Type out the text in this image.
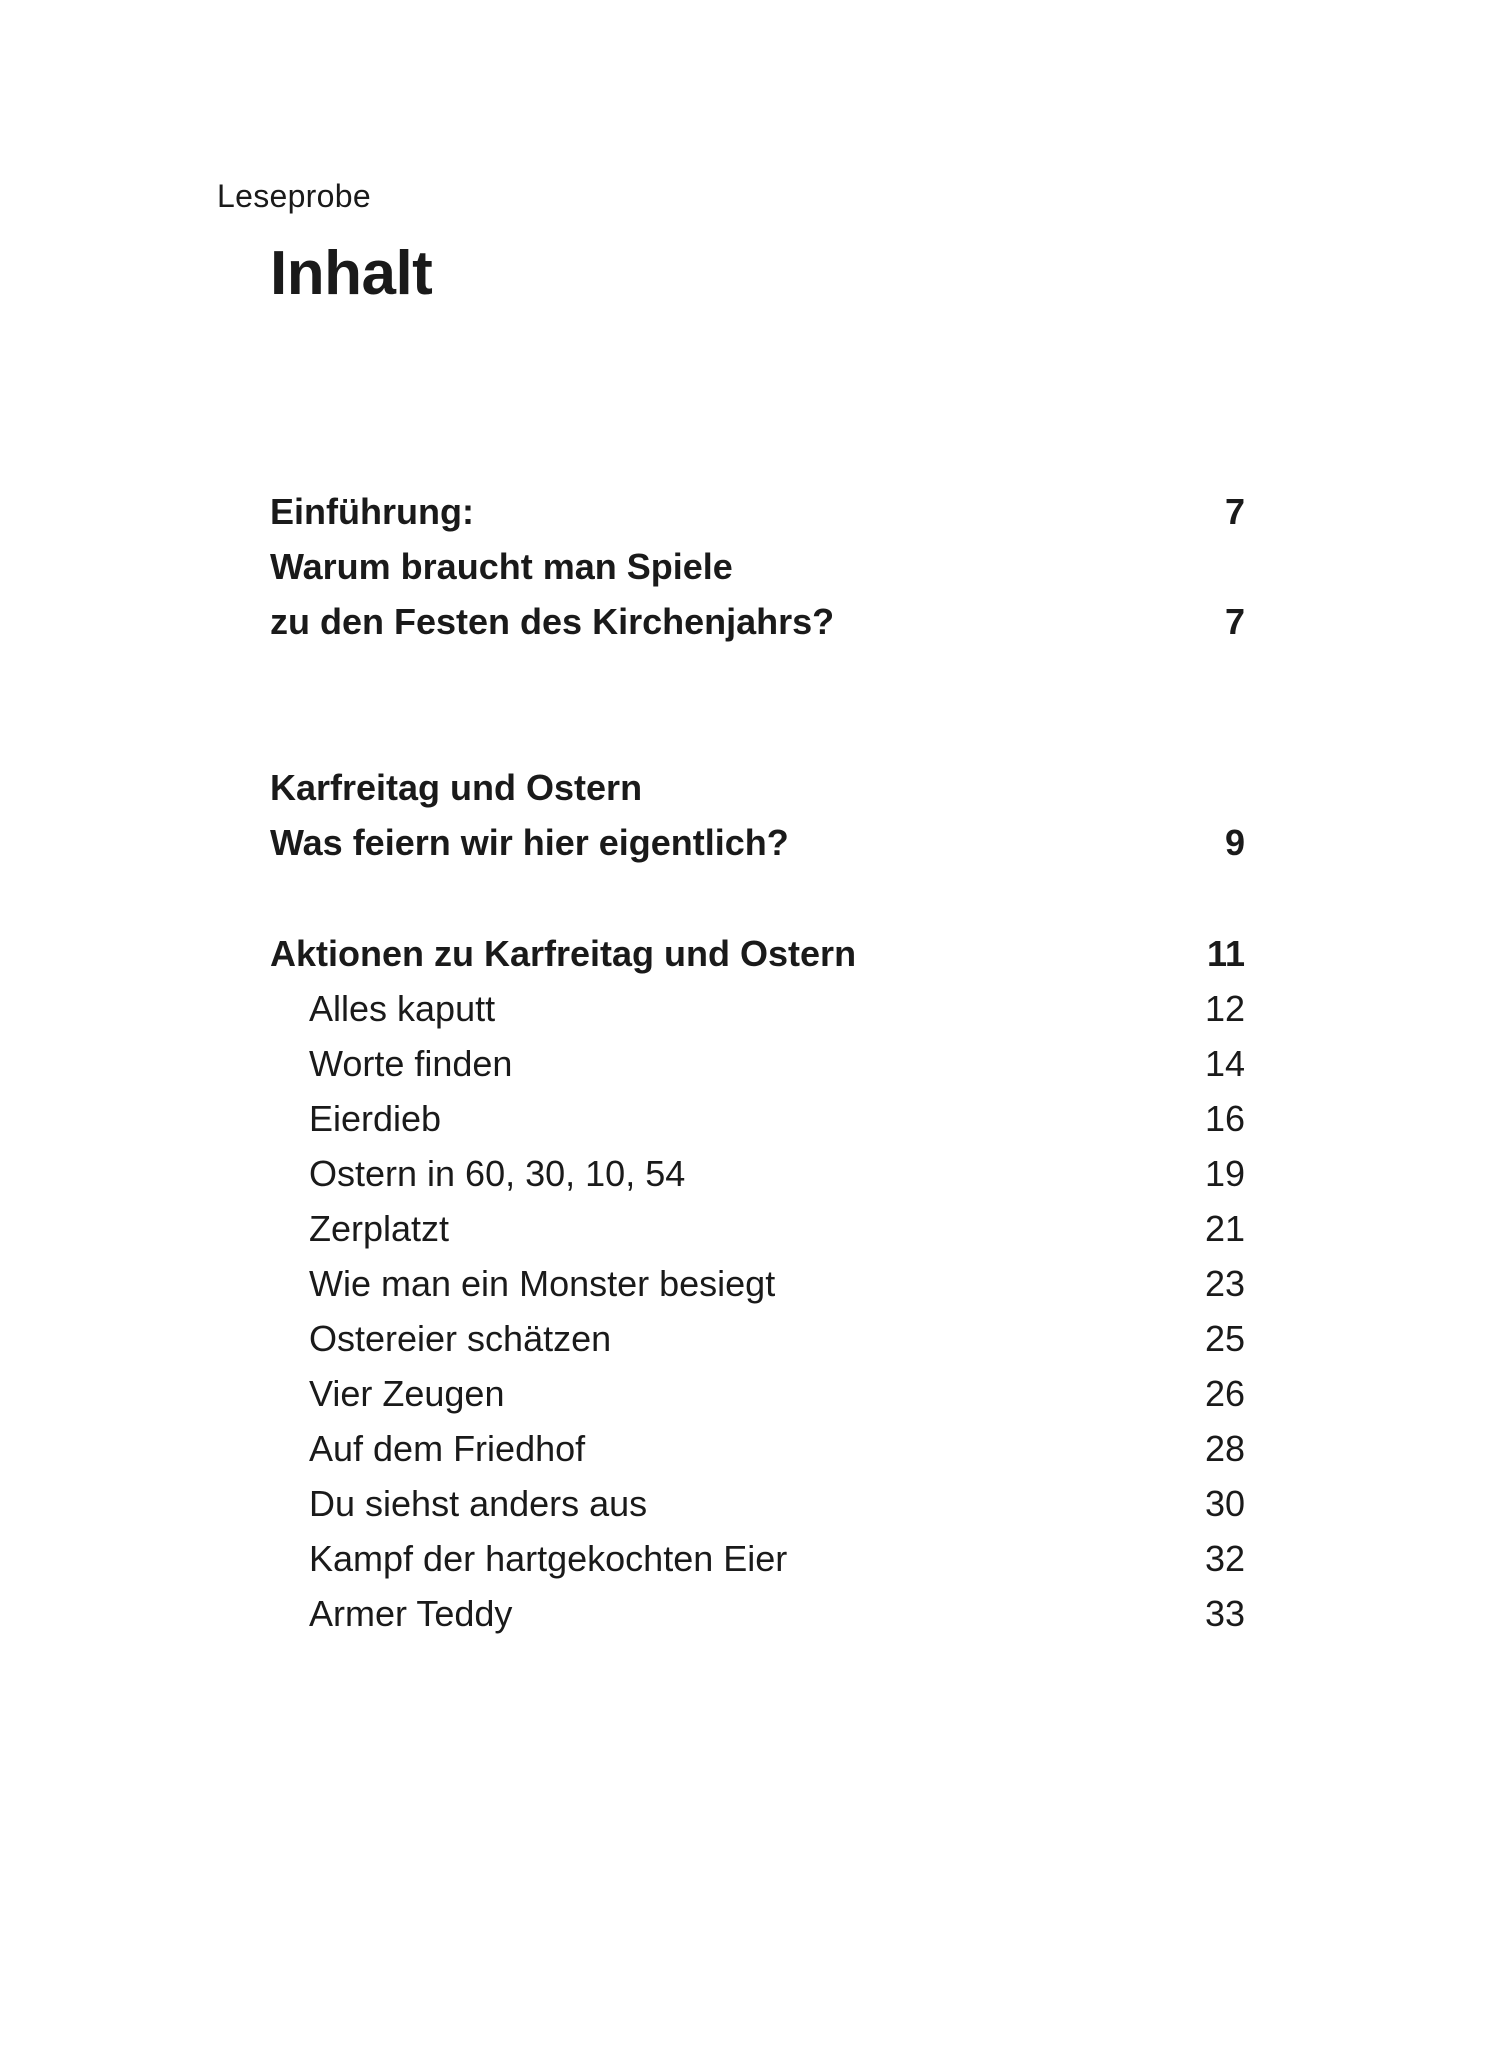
Leseprobe
Inhalt
Einführung:	7
Warum braucht man Spiele
zu den Festen des Kirchenjahrs?	7
Karfreitag und Ostern
Was feiern wir hier eigentlich?	9
Aktionen zu Karfreitag und Ostern	11
Alles kaputt	12
Worte finden	14
Eierdieb	16
Ostern in 60, 30, 10, 54	19
Zerplatzt	21
Wie man ein Monster besiegt	23
Ostereier schätzen	25
Vier Zeugen	26
Auf dem Friedhof	28
Du siehst anders aus	30
Kampf der hartgekochten Eier	32
Armer Teddy	33
